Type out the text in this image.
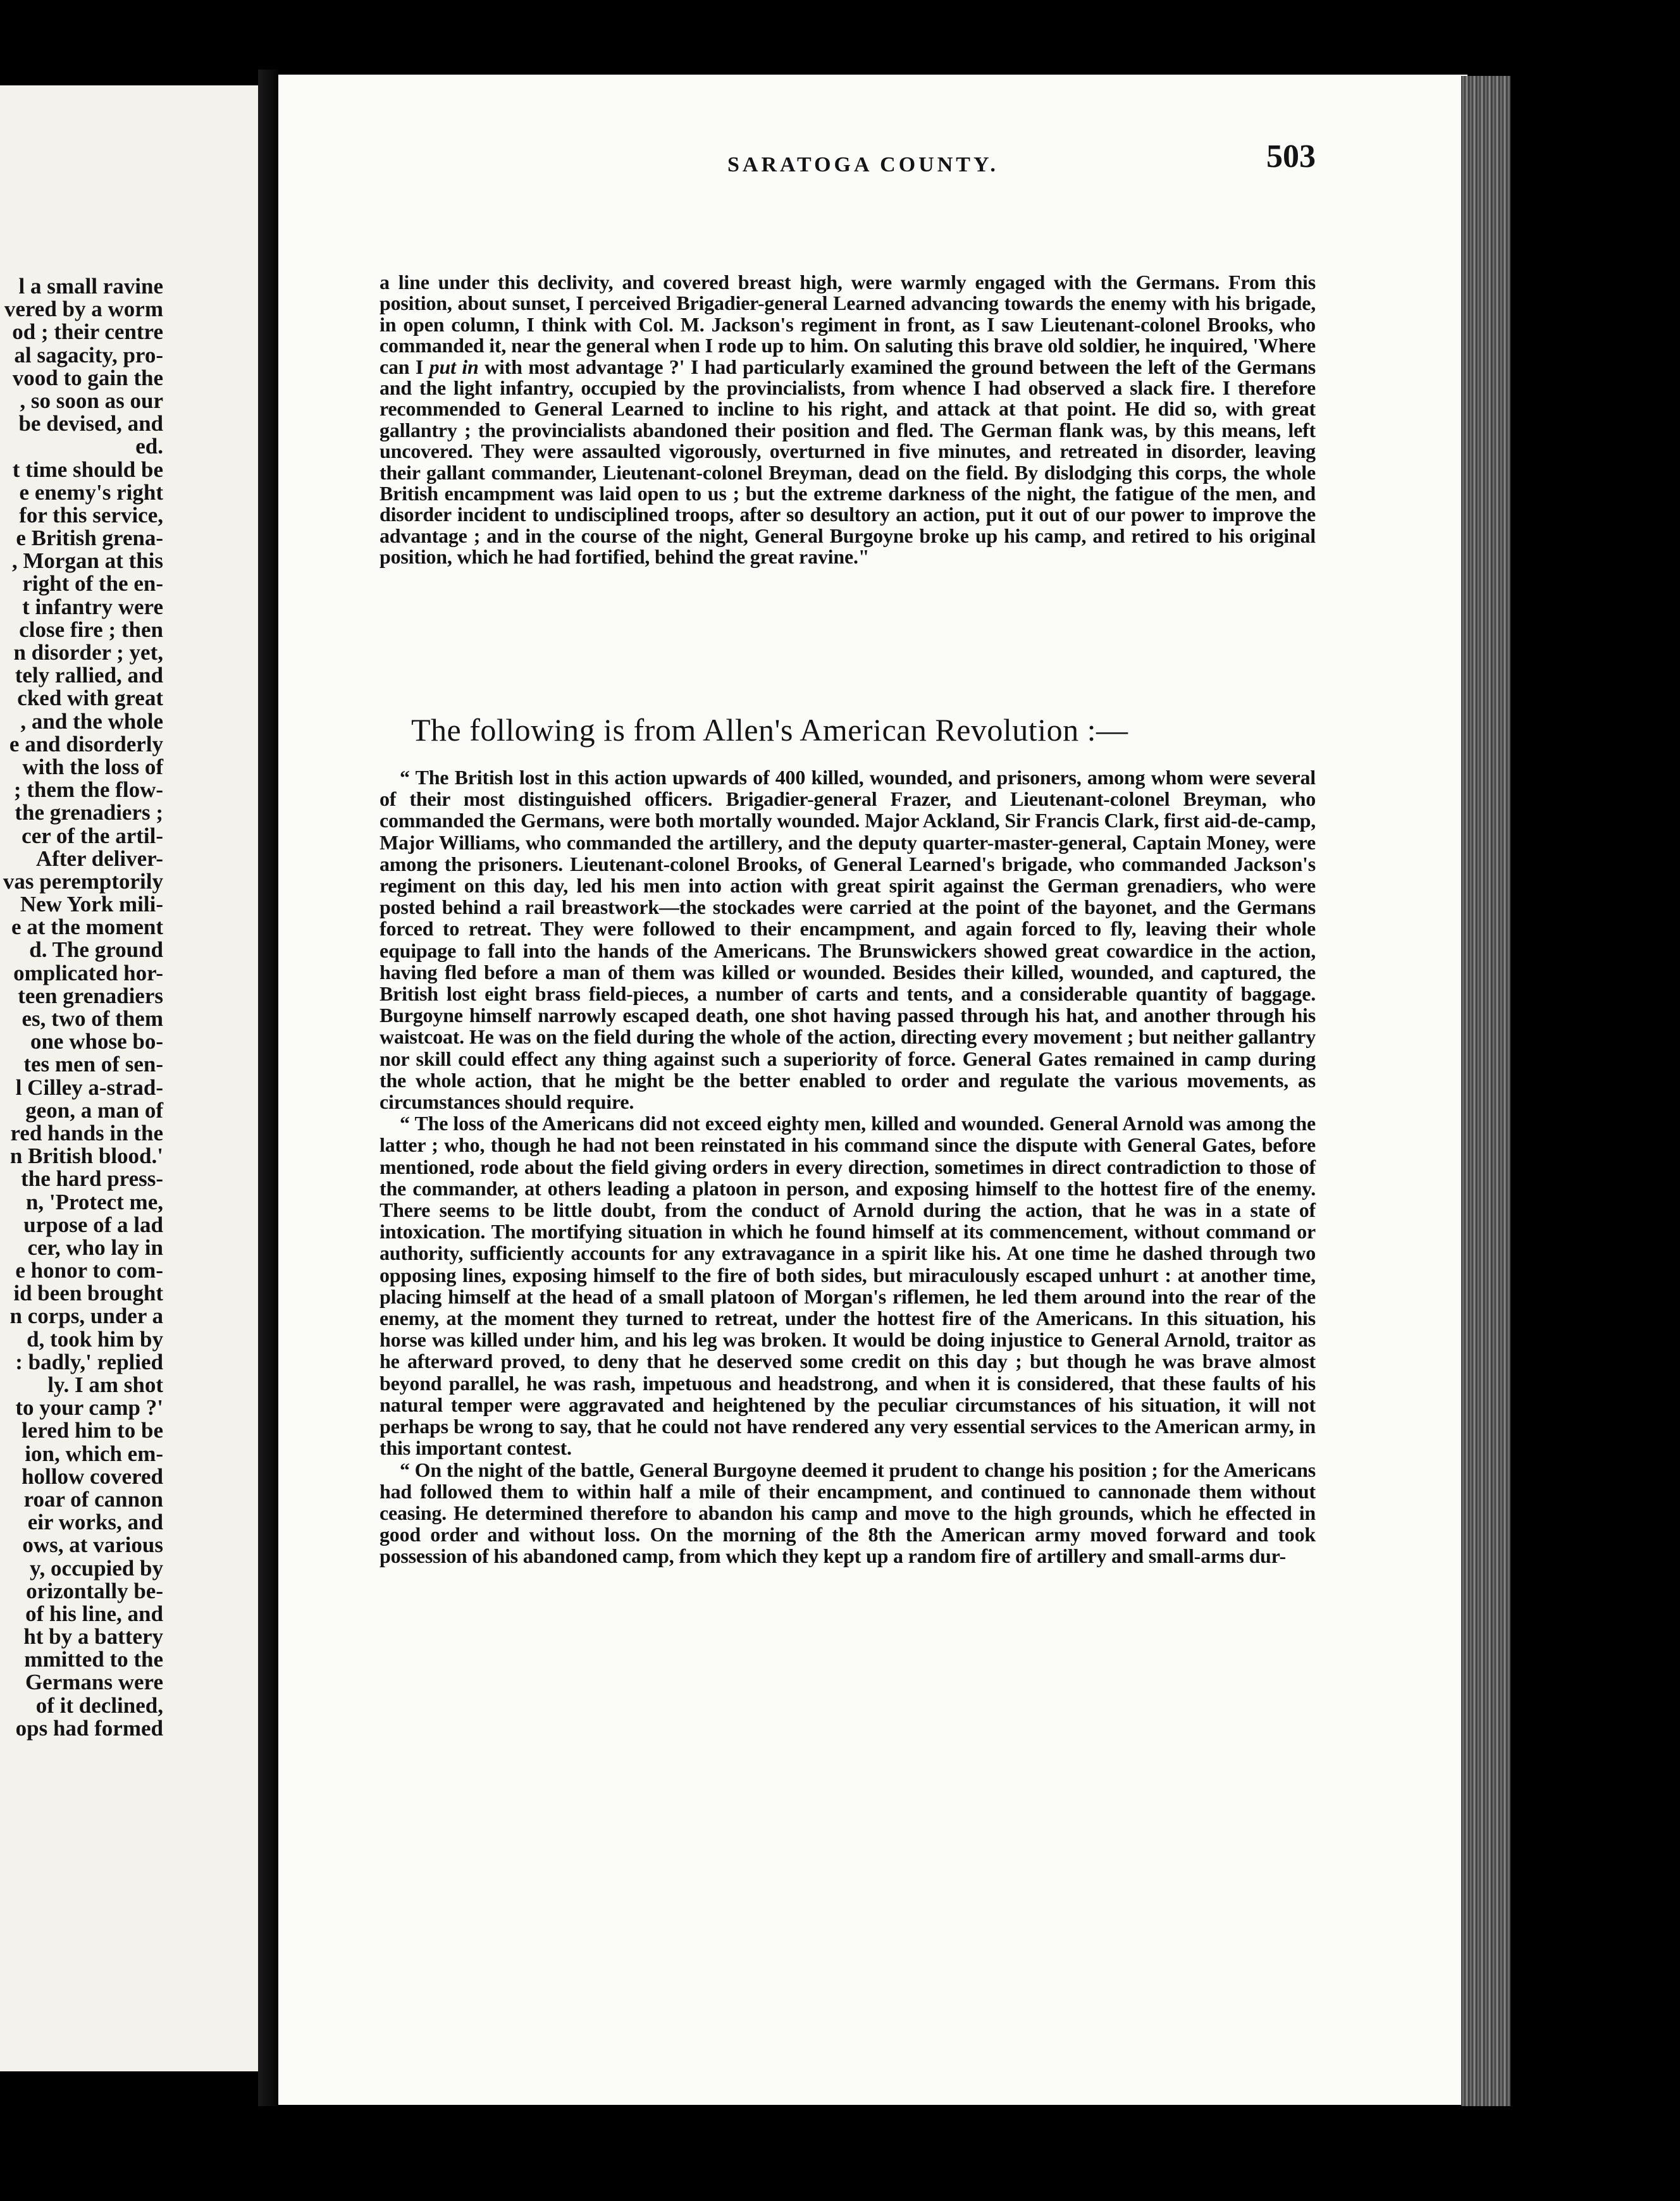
l a small ravine
vered by a worm
od ; their centre
al sagacity, pro-
vood to gain the
, so soon as our
be devised, and
ed.
t time should be
e enemy's right
for this service,
e British grena-
, Morgan at this
right of the en-
t infantry were
close fire ; then
n disorder ; yet,
tely rallied, and
cked with great
, and the whole
e and disorderly
with the loss of
; them the flow-
the grenadiers ;
cer of the artil-
After deliver-
vas peremptorily
New York mili-
e at the moment
d. The ground
omplicated hor-
teen grenadiers
es, two of them
one whose bo-
tes men of sen-
l Cilley a-strad-
geon, a man of
red hands in the
n British blood.'
the hard press-
n, 'Protect me,
urpose of a lad
cer, who lay in
e honor to com-
id been brought
n corps, under a
d, took him by
: badly,' replied
ly. I am shot
to your camp ?'
lered him to be
ion, which em-
hollow covered
roar of cannon
eir works, and
ows, at various
y, occupied by
orizontally be-
of his line, and
ht by a battery
mmitted to the
Germans were
of it declined,
ops had formed
SARATOGA COUNTY.	503

a line under this declivity, and covered breast high, were warmly engaged with the Germans. From this position, about sunset, I perceived Brigadier-general Learned advancing towards the enemy with his brigade, in open column, I think with Col. M. Jackson's regiment in front, as I saw Lieutenant-colonel Brooks, who commanded it, near the general when I rode up to him. On saluting this brave old soldier, he inquired, 'Where can I put in with most advantage ?' I had particularly examined the ground between the left of the Germans and the light infantry, occupied by the provincialists, from whence I had observed a slack fire. I therefore recommended to General Learned to incline to his right, and attack at that point. He did so, with great gallantry ; the provincialists abandoned their position and fled. The German flank was, by this means, left uncovered. They were assaulted vigorously, overturned in five minutes, and retreated in disorder, leaving their gallant commander, Lieutenant-colonel Breyman, dead on the field. By dislodging this corps, the whole British encampment was laid open to us ; but the extreme darkness of the night, the fatigue of the men, and disorder incident to undisciplined troops, after so desultory an action, put it out of our power to improve the advantage ; and in the course of the night, General Burgoyne broke up his camp, and retired to his original position, which he had fortified, behind the great ravine."

The following is from Allen's American Revolution :—

“ The British lost in this action upwards of 400 killed, wounded, and prisoners, among whom were several of their most distinguished officers. Brigadier-general Frazer, and Lieutenant-colonel Breyman, who commanded the Germans, were both mortally wounded. Major Ackland, Sir Francis Clark, first aid-de-camp, Major Williams, who commanded the artillery, and the deputy quarter-master-general, Captain Money, were among the prisoners. Lieutenant-colonel Brooks, of General Learned's brigade, who commanded Jackson's regiment on this day, led his men into action with great spirit against the German grenadiers, who were posted behind a rail breastwork—the stockades were carried at the point of the bayonet, and the Germans forced to retreat. They were followed to their encampment, and again forced to fly, leaving their whole equipage to fall into the hands of the Americans. The Brunswickers showed great cowardice in the action, having fled before a man of them was killed or wounded. Besides their killed, wounded, and captured, the British lost eight brass field-pieces, a number of carts and tents, and a considerable quantity of baggage. Burgoyne himself narrowly escaped death, one shot having passed through his hat, and another through his waistcoat. He was on the field during the whole of the action, directing every movement ; but neither gallantry nor skill could effect any thing against such a superiority of force. General Gates remained in camp during the whole action, that he might be the better enabled to order and regulate the various movements, as circumstances should require.

“ The loss of the Americans did not exceed eighty men, killed and wounded. General Arnold was among the latter ; who, though he had not been reinstated in his command since the dispute with General Gates, before mentioned, rode about the field giving orders in every direction, sometimes in direct contradiction to those of the commander, at others leading a platoon in person, and exposing himself to the hottest fire of the enemy. There seems to be little doubt, from the conduct of Arnold during the action, that he was in a state of intoxication. The mortifying situation in which he found himself at its commencement, without command or authority, sufficiently accounts for any extravagance in a spirit like his. At one time he dashed through two opposing lines, exposing himself to the fire of both sides, but miraculously escaped unhurt : at another time, placing himself at the head of a small platoon of Morgan's riflemen, he led them around into the rear of the enemy, at the moment they turned to retreat, under the hottest fire of the Americans. In this situation, his horse was killed under him, and his leg was broken. It would be doing injustice to General Arnold, traitor as he afterward proved, to deny that he deserved some credit on this day ; but though he was brave almost beyond parallel, he was rash, impetuous and headstrong, and when it is considered, that these faults of his natural temper were aggravated and heightened by the peculiar circumstances of his situation, it will not perhaps be wrong to say, that he could not have rendered any very essential services to the American army, in this important contest.

“ On the night of the battle, General Burgoyne deemed it prudent to change his position ; for the Americans had followed them to within half a mile of their encampment, and continued to cannonade them without ceasing. He determined therefore to abandon his camp and move to the high grounds, which he effected in good order and without loss. On the morning of the 8th the American army moved forward and took possession of his abandoned camp, from which they kept up a random fire of artillery and small-arms dur-
